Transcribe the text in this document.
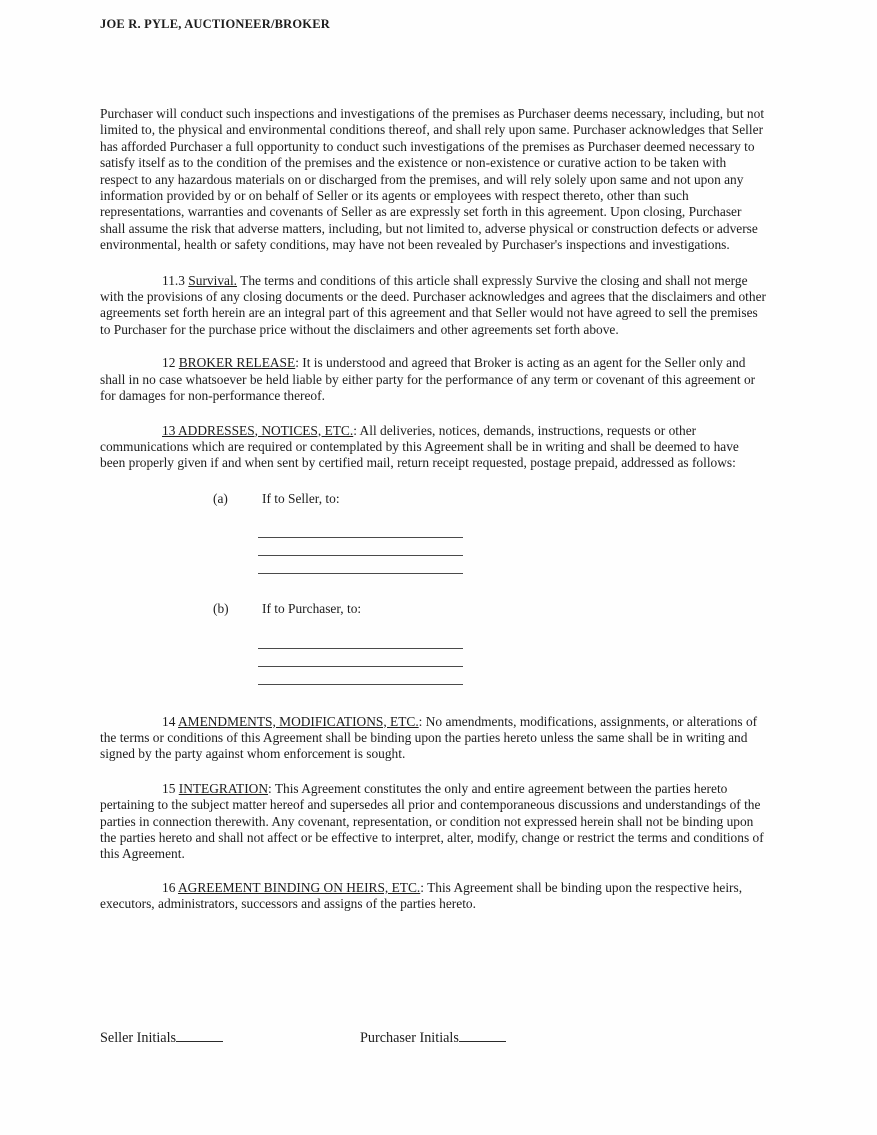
JOE R. PYLE, AUCTIONEER/BROKER

Purchaser will conduct such inspections and investigations of the premises as Purchaser deems necessary, including, but not limited to, the physical and environmental conditions thereof, and shall rely upon same. Purchaser acknowledges that Seller has afforded Purchaser a full opportunity to conduct such investigations of the premises as Purchaser deemed necessary to satisfy itself as to the condition of the premises and the existence or non-existence or curative action to be taken with respect to any hazardous materials on or discharged from the premises, and will rely solely upon same and not upon any information provided by or on behalf of Seller or its agents or employees with respect thereto, other than such representations, warranties and covenants of Seller as are expressly set forth in this agreement. Upon closing, Purchaser shall assume the risk that adverse matters, including, but not limited to, adverse physical or construction defects or adverse environmental, health or safety conditions, may have not been revealed by Purchaser's inspections and investigations.

11.3 Survival. The terms and conditions of this article shall expressly Survive the closing and shall not merge with the provisions of any closing documents or the deed. Purchaser acknowledges and agrees that the disclaimers and other agreements set forth herein are an integral part of this agreement and that Seller would not have agreed to sell the premises to Purchaser for the purchase price without the disclaimers and other agreements set forth above.

12 BROKER RELEASE: It is understood and agreed that Broker is acting as an agent for the Seller only and shall in no case whatsoever be held liable by either party for the performance of any term or covenant of this agreement or for damages for non-performance thereof.

13 ADDRESSES, NOTICES, ETC.: All deliveries, notices, demands, instructions, requests or other communications which are required or contemplated by this Agreement shall be in writing and shall be deemed to have been properly given if and when sent by certified mail, return receipt requested, postage prepaid, addressed as follows:

(a)	If to Seller, to:
(b) If to Purchaser, to:

14 AMENDMENTS, MODIFICATIONS, ETC.: No amendments, modifications, assignments, or alterations of the terms or conditions of this Agreement shall be binding upon the parties hereto unless the same shall be in writing and signed by the party against whom enforcement is sought.

15 INTEGRATION: This Agreement constitutes the only and entire agreement between the parties hereto pertaining to the subject matter hereof and supersedes all prior and contemporaneous discussions and understandings of the parties in connection therewith. Any covenant, representation, or condition not expressed herein shall not be binding upon the parties hereto and shall not affect or be effective to interpret, alter, modify, change or restrict the terms and conditions of this Agreement.

16 AGREEMENT BINDING ON HEIRS, ETC.: This Agreement shall be binding upon the respective heirs, executors, administrators, successors and assigns of the parties hereto.

Seller Initials	Purchaser Initials
